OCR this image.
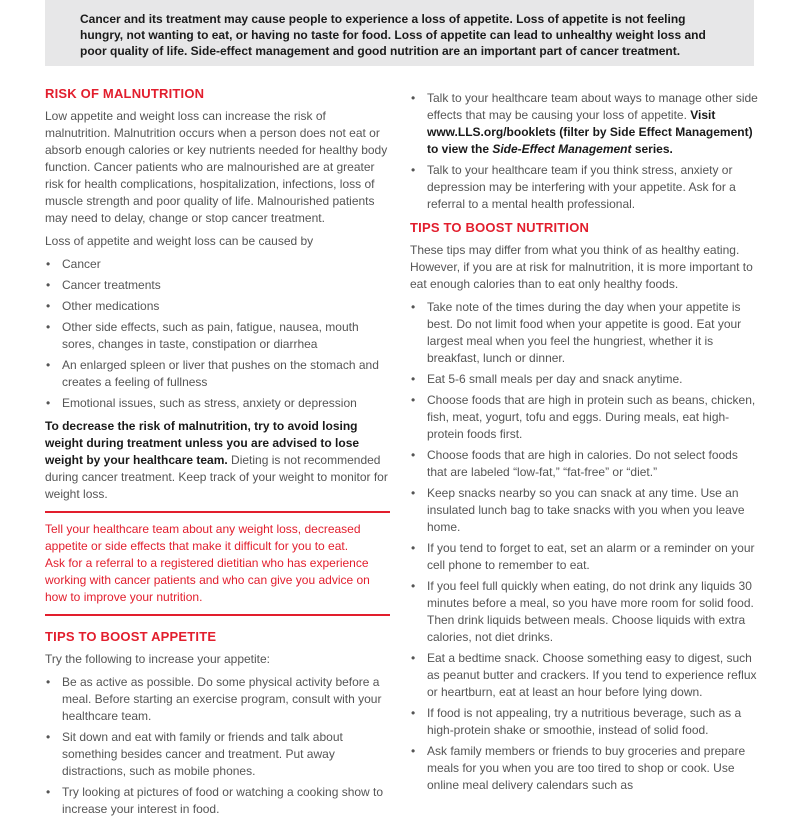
Cancer and its treatment may cause people to experience a loss of appetite. Loss of appetite is not feeling hungry, not wanting to eat, or having no taste for food. Loss of appetite can lead to unhealthy weight loss and poor quality of life. Side-effect management and good nutrition are an important part of cancer treatment.
RISK OF MALNUTRITION

Low appetite and weight loss can increase the risk of malnutrition. Malnutrition occurs when a person does not eat or absorb enough calories or key nutrients needed for healthy body function. Cancer patients who are malnourished are at greater risk for health complications, hospitalization, infections, loss of muscle strength and poor quality of life. Malnourished patients may need to delay, change or stop cancer treatment.

Loss of appetite and weight loss can be caused by

• Cancer
• Cancer treatments
• Other medications
• Other side effects, such as pain, fatigue, nausea, mouth sores, changes in taste, constipation or diarrhea
• An enlarged spleen or liver that pushes on the stomach and creates a feeling of fullness
• Emotional issues, such as stress, anxiety or depression

To decrease the risk of malnutrition, try to avoid losing weight during treatment unless you are advised to lose weight by your healthcare team. Dieting is not recommended during cancer treatment. Keep track of your weight to monitor for weight loss.

Tell your healthcare team about any weight loss, decreased appetite or side effects that make it difficult for you to eat.

Ask for a referral to a registered dietitian who has experience working with cancer patients and who can give you advice on how to improve your nutrition.

TIPS TO BOOST APPETITE

Try the following to increase your appetite:

• Be as active as possible. Do some physical activity before a meal. Before starting an exercise program, consult with your healthcare team.
• Sit down and eat with family or friends and talk about something besides cancer and treatment. Put away distractions, such as mobile phones.
• Try looking at pictures of food or watching a cooking show to increase your interest in food.
• Talk to your healthcare team about ways to manage other side effects that may be causing your loss of appetite. Visit www.LLS.org/booklets (filter by Side Effect Management) to view the Side-Effect Management series.
• Talk to your healthcare team if you think stress, anxiety or depression may be interfering with your appetite. Ask for a referral to a mental health professional.
TIPS TO BOOST NUTRITION

These tips may differ from what you think of as healthy eating. However, if you are at risk for malnutrition, it is more important to eat enough calories than to eat only healthy foods.

• Take note of the times during the day when your appetite is best. Do not limit food when your appetite is good. Eat your largest meal when you feel the hungriest, whether it is breakfast, lunch or dinner.
• Eat 5-6 small meals per day and snack anytime.
• Choose foods that are high in protein such as beans, chicken, fish, meat, yogurt, tofu and eggs. During meals, eat high-protein foods first.
• Choose foods that are high in calories. Do not select foods that are labeled “low-fat,” “fat-free” or “diet.”
• Keep snacks nearby so you can snack at any time. Use an insulated lunch bag to take snacks with you when you leave home.
• If you tend to forget to eat, set an alarm or a reminder on your cell phone to remember to eat.
• If you feel full quickly when eating, do not drink any liquids 30 minutes before a meal, so you have more room for solid food. Then drink liquids between meals. Choose liquids with extra calories, not diet drinks.
• Eat a bedtime snack. Choose something easy to digest, such as peanut butter and crackers. If you tend to experience reflux or heartburn, eat at least an hour before lying down.
• If food is not appealing, try a nutritious beverage, such as a high-protein shake or smoothie, instead of solid food.
• Ask family members or friends to buy groceries and prepare meals for you when you are too tired to shop or cook. Use online meal delivery calendars such as
